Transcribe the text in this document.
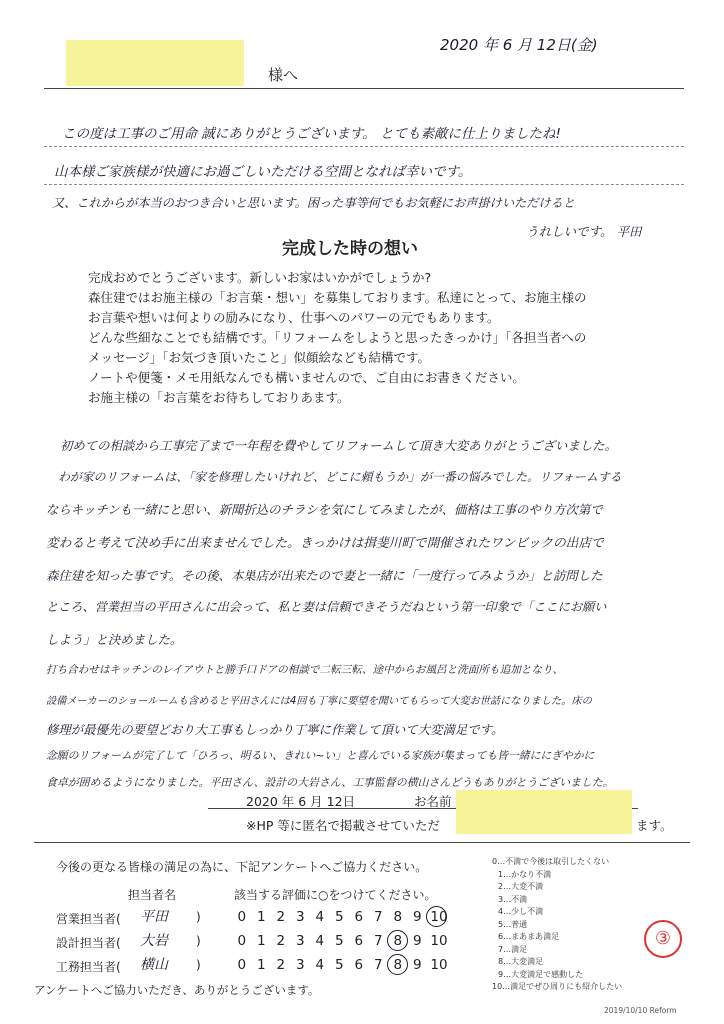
2020 年 6 月 12日(金)
様へ
この度は工事のご用命 誠にありがとうございます。 とても素敵に仕上りましたね!
山本様ご家族様が快適にお過ごしいただける空間となれば幸いです。
又、これからが本当のおつき合いと思います。困った事等何でもお気軽にお声掛けいただけると
うれしいです。 平田
完成した時の想い
完成おめでとうございます。新しいお家はいかがでしょうか?
森住建ではお施主様の「お言葉・想い」を募集しております。私達にとって、お施主様の
お言葉や想いは何よりの励みになり、仕事へのパワーの元でもあります。
どんな些細なことでも結構です。「リフォームをしようと思ったきっかけ」「各担当者への
メッセージ」「お気づき頂いたこと」似顔絵なども結構です。
ノートや便箋・メモ用紙なんでも構いませんので、ご自由にお書きください。
お施主様の「お言葉をお待ちしておりあます。
初めての相談から工事完了まで一年程を費やしてリフォームして頂き大変ありがとうございました。
わが家のリフォームは、「家を修理したいけれど、どこに頼もうか」が一番の悩みでした。リフォームする
ならキッチンも一緒にと思い、新聞折込のチラシを気にしてみましたが、価格は工事のやり方次第で
変わると考えて決め手に出来ませんでした。きっかけは揖斐川町で開催されたワンビックの出店で
森住建を知った事です。その後、本巣店が出来たので妻と一緒に「一度行ってみようか」と訪問した
ところ、営業担当の平田さんに出会って、私と妻は信頼できそうだねという第一印象で「ここにお願い
しよう」と決めました。
打ち合わせはキッチンのレイアウトと勝手口ドアの相談で二転三転、途中からお風呂と洗面所も追加となり、
設備メーカーのショールームも含めると平田さんには4回も丁寧に要望を聞いてもらって大変お世話になりました。床の
修理が最優先の要望どおり大工事もしっかり丁寧に作業して頂いて大変満足です。
念願のリフォームが完了して「ひろっ、明るい、きれい~い」と喜んでいる家族が集まっても皆一緒ににぎやかに
食卓が囲めるようになりました。平田さん、設計の大岩さん、工事監督の横山さんどうもありがとうございました。
2020 年 6 月 12日	お名前
※HP 等に匿名で掲載させていただ	ます。
今後の更なる皆様の満足の為に、下記アンケートへご協力ください。
担当者名	該当する評価に○をつけてください。
営業担当者( 平田 )	0 1 2 3 4 5 6 7 8 9 10
設計担当者( 大岩 )	0 1 2 3 4 5 6 7 8 9 10
工務担当者( 横山 )	0 1 2 3 4 5 6 7 8 9 10
アンケートへご協力いただき、ありがとうございます。
0…不満で今後は取引したくない
1…かなり不満
2…大変不満
3…不満
4…少し不満
5…普通
6…まあまあ満足
7…満足
8…大変満足
9…大変満足で感動した
10…満足でぜひ周りにも紹介したい
③
2019/10/10 Reform
